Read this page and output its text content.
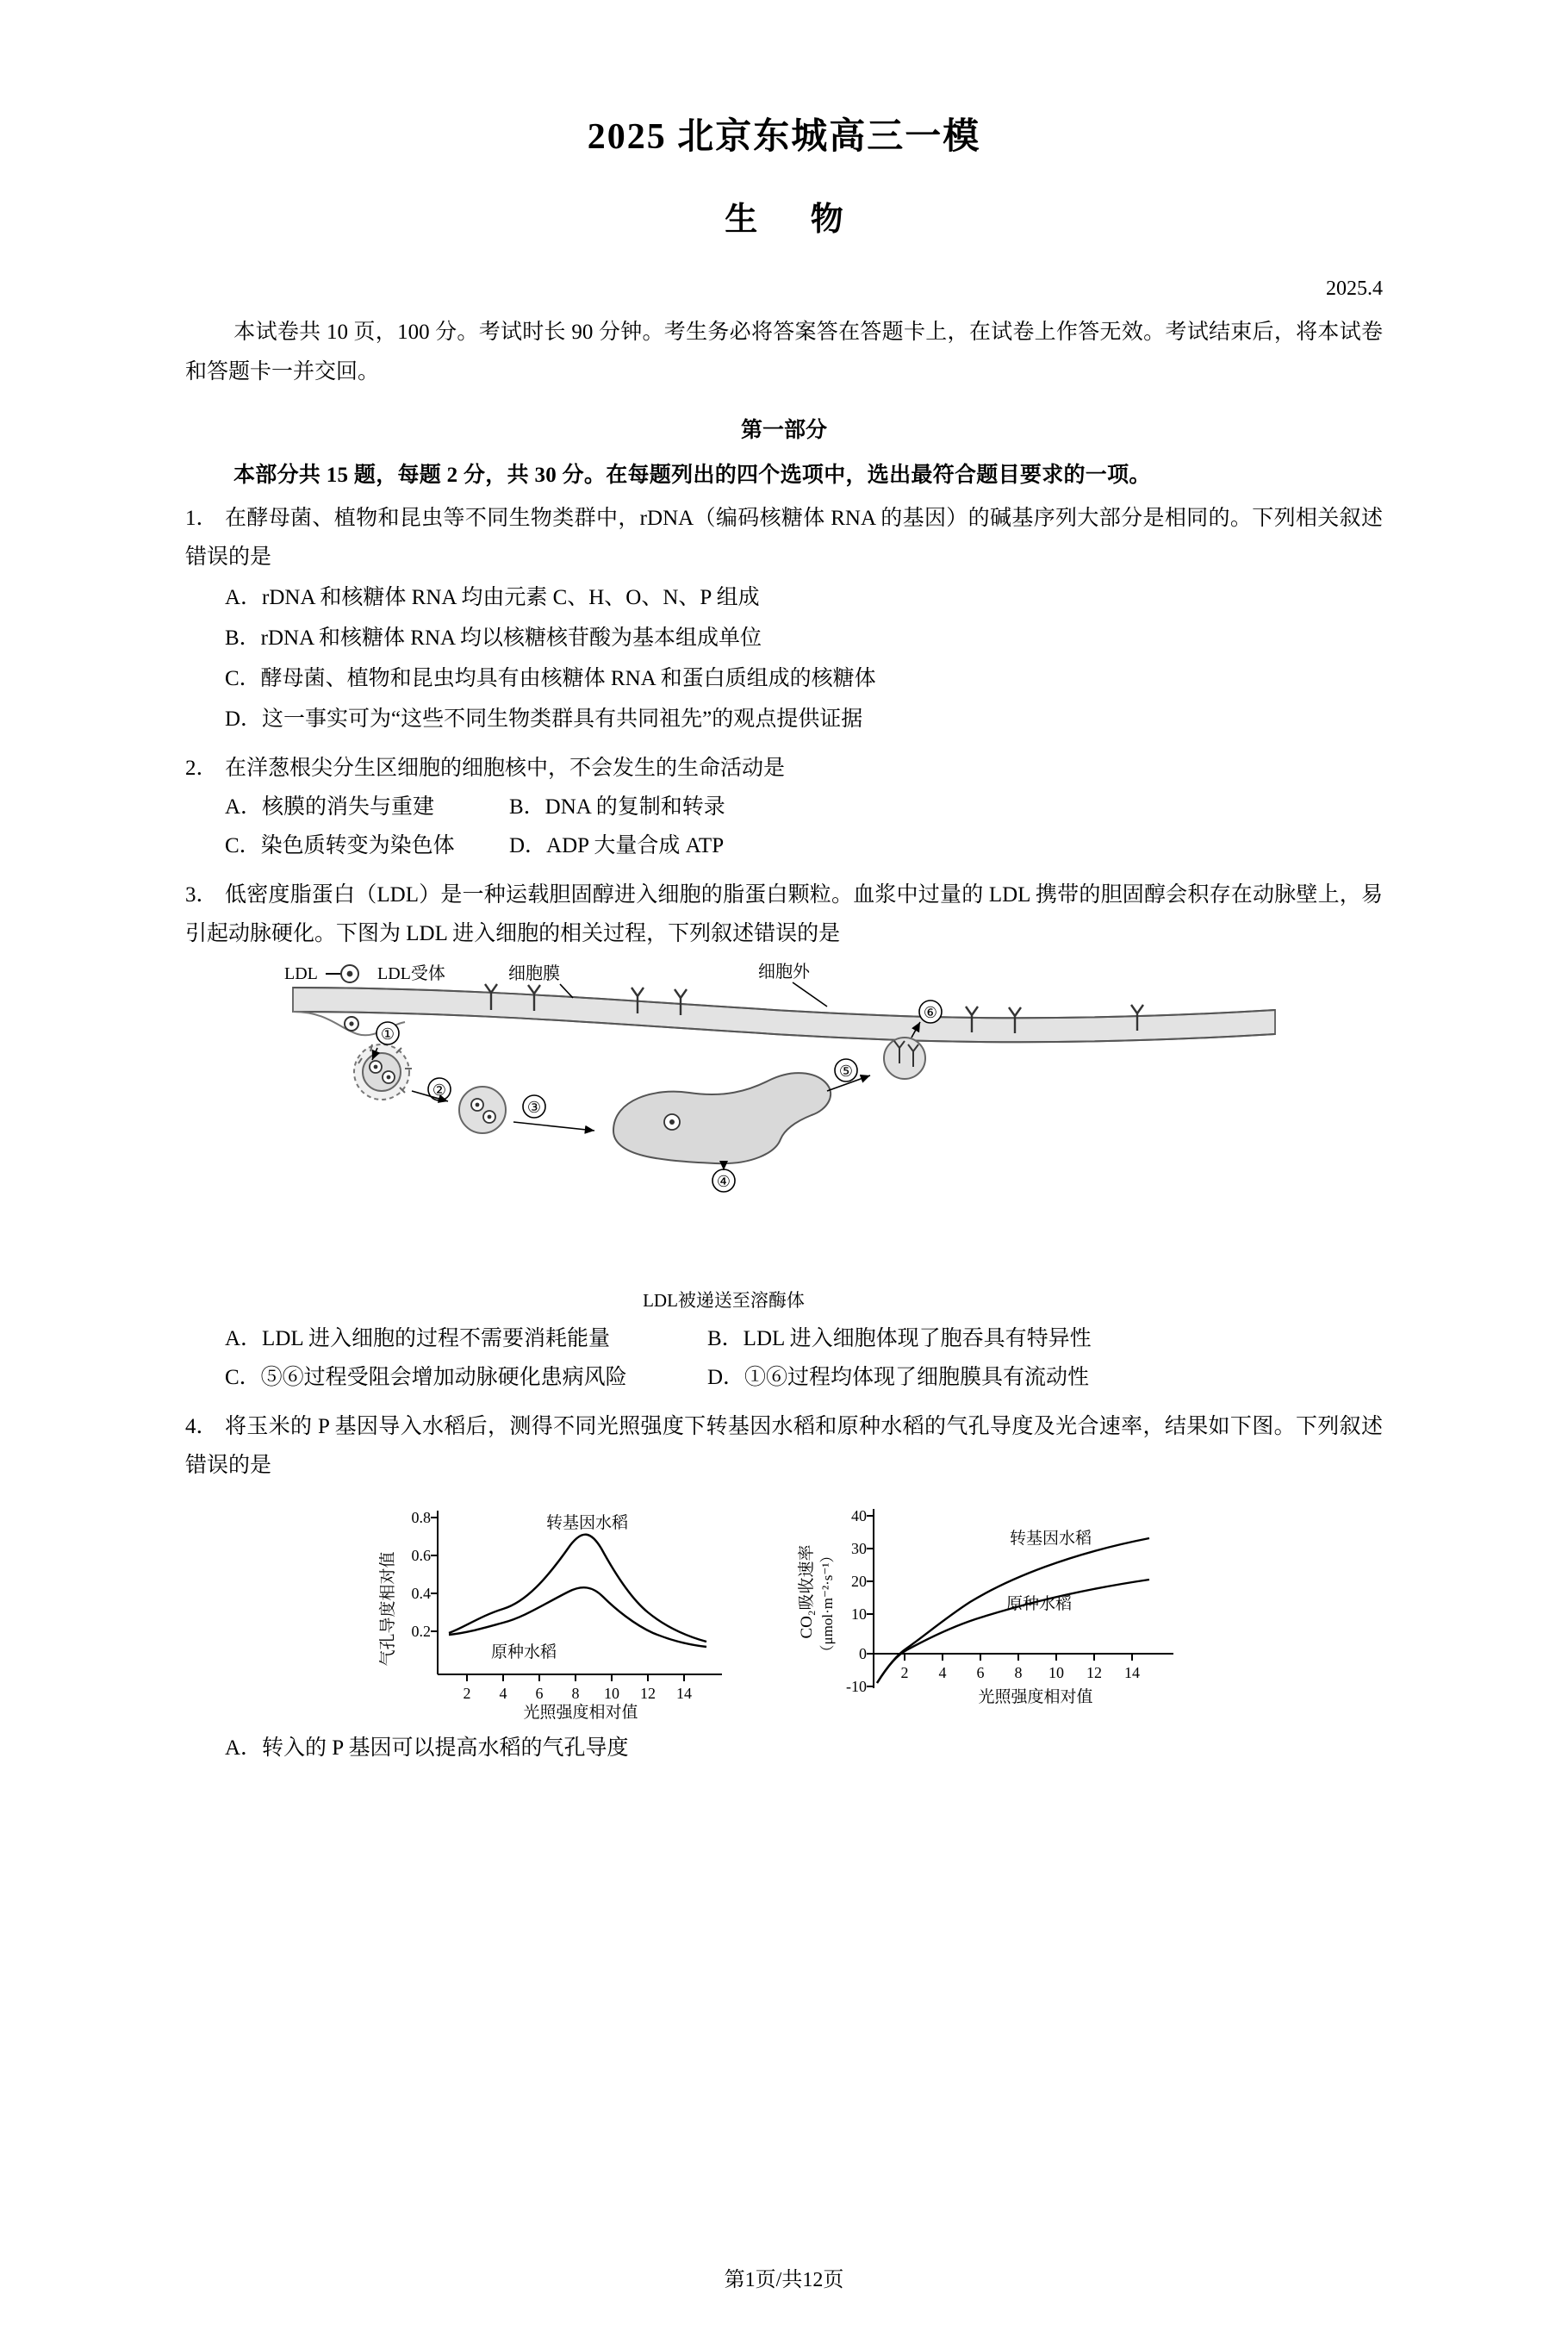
2025 北京东城高三一模
生 物
2025.4
本试卷共 10 页，100 分。考试时长 90 分钟。考生务必将答案答在答题卡上，在试卷上作答无效。考试结束后，将本试卷和答题卡一并交回。
第一部分
本部分共 15 题，每题 2 分，共 30 分。在每题列出的四个选项中，选出最符合题目要求的一项。
1． 在酵母菌、植物和昆虫等不同生物类群中，rDNA（编码核糖体 RNA 的基因）的碱基序列大部分是相同的。下列相关叙述错误的是
A．rDNA 和核糖体 RNA 均由元素 C、H、O、N、P 组成
B．rDNA 和核糖体 RNA 均以核糖核苷酸为基本组成单位
C．酵母菌、植物和昆虫均具有由核糖体 RNA 和蛋白质组成的核糖体
D．这一事实可为“这些不同生物类群具有共同祖先”的观点提供证据
2． 在洋葱根尖分生区细胞的细胞核中，不会发生的生命活动是
A．核膜的消失与重建	B．DNA 的复制和转录
C．染色质转变为染色体	D．ADP 大量合成 ATP
3． 低密度脂蛋白（LDL）是一种运载胆固醇进入细胞的脂蛋白颗粒。血浆中过量的 LDL 携带的胆固醇会积存在动脉壁上，易引起动脉硬化。下图为 LDL 进入细胞的相关过程，下列叙述错误的是
LDL	LDL受体	细胞膜	细胞外
①
②
③
④
⑤
⑥
LDL被递送至溶酶体
A．LDL 进入细胞的过程不需要消耗能量	B．LDL 进入细胞体现了胞吞具有特异性
C．⑤⑥过程受阻会增加动脉硬化患病风险	D．①⑥过程均体现了细胞膜具有流动性
4． 将玉米的 P 基因导入水稻后，测得不同光照强度下转基因水稻和原种水稻的气孔导度及光合速率，结果如下图。下列叙述错误的是
气孔导度相对值
0.8
0.6
0.4
0.2
2 4 6 8 10 12 14
光照强度相对值
转基因水稻
原种水稻
CO₂吸收速率 （μmol·m⁻²·s⁻¹）
40
30
20
10
0
-10
2 4 6 8 10 12 14
光照强度相对值
转基因水稻
原种水稻
A．转入的 P 基因可以提高水稻的气孔导度
第1页/共12页
